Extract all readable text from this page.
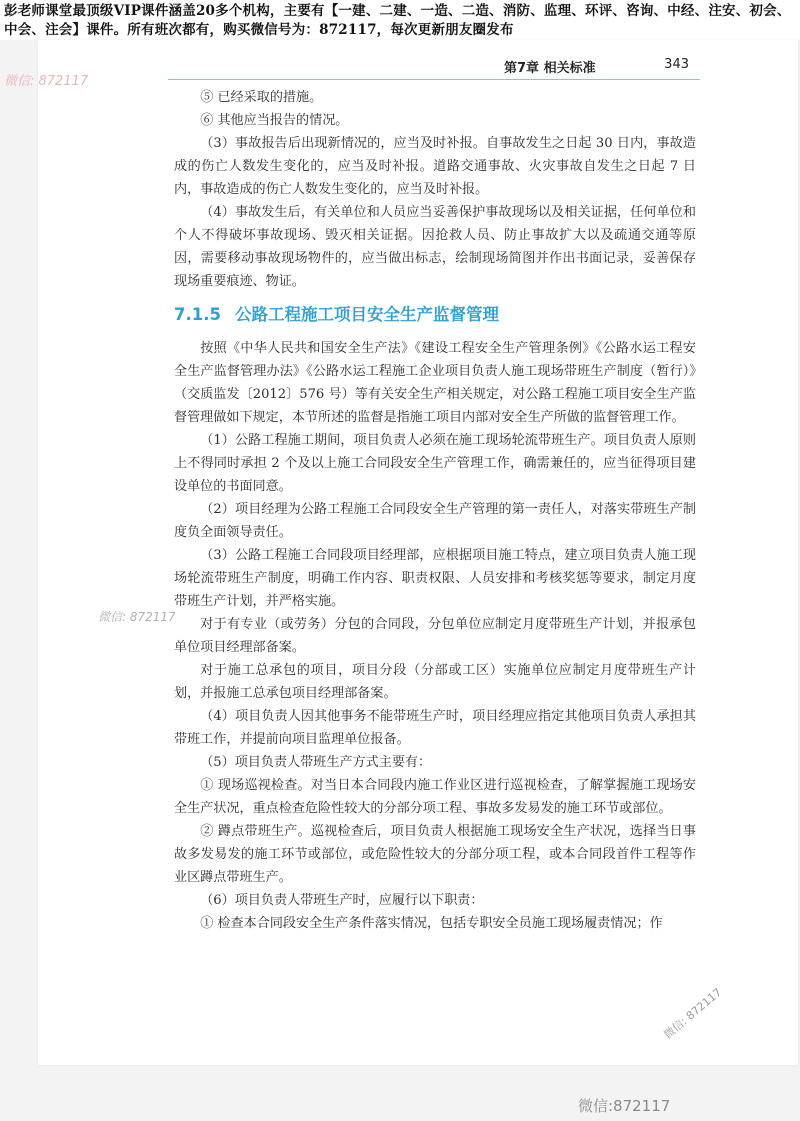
彭老师课堂最顶级VIP课件涵盖20多个机构，主要有【一建、二建、一造、二造、消防、监理、环评、咨询、中经、注安、初会、中会、注会】课件。所有班次都有，购买微信号为：872117，每次更新朋友圈发布

第7章 相关标准	343
微信: 872117
微信: 872117

⑤ 已经采取的措施。

⑥ 其他应当报告的情况。

（3）事故报告后出现新情况的，应当及时补报。自事故发生之日起 30 日内，事故造成的伤亡人数发生变化的，应当及时补报。道路交通事故、火灾事故自发生之日起 7 日内，事故造成的伤亡人数发生变化的，应当及时补报。

（4）事故发生后，有关单位和人员应当妥善保护事故现场以及相关证据，任何单位和个人不得破坏事故现场、毁灭相关证据。因抢救人员、防止事故扩大以及疏通交通等原因，需要移动事故现场物件的，应当做出标志，绘制现场简图并作出书面记录，妥善保存现场重要痕迹、物证。

7.1.5 公路工程施工项目安全生产监督管理

按照《中华人民共和国安全生产法》《建设工程安全生产管理条例》《公路水运工程安全生产监督管理办法》《公路水运工程施工企业项目负责人施工现场带班生产制度（暂行）》（交质监发〔2012〕576 号）等有关安全生产相关规定，对公路工程施工项目安全生产监督管理做如下规定，本节所述的监督是指施工项目内部对安全生产所做的监督管理工作。

（1）公路工程施工期间，项目负责人必须在施工现场轮流带班生产。项目负责人原则上不得同时承担 2 个及以上施工合同段安全生产管理工作，确需兼任的，应当征得项目建设单位的书面同意。

（2）项目经理为公路工程施工合同段安全生产管理的第一责任人，对落实带班生产制度负全面领导责任。

（3）公路工程施工合同段项目经理部，应根据项目施工特点，建立项目负责人施工现场轮流带班生产制度，明确工作内容、职责权限、人员安排和考核奖惩等要求，制定月度带班生产计划，并严格实施。

对于有专业（或劳务）分包的合同段，分包单位应制定月度带班生产计划，并报承包单位项目经理部备案。

对于施工总承包的项目，项目分段（分部或工区）实施单位应制定月度带班生产计划，并报施工总承包项目经理部备案。

（4）项目负责人因其他事务不能带班生产时，项目经理应指定其他项目负责人承担其带班工作，并提前向项目监理单位报备。

（5）项目负责人带班生产方式主要有：

① 现场巡视检查。对当日本合同段内施工作业区进行巡视检查，了解掌握施工现场安全生产状况，重点检查危险性较大的分部分项工程、事故多发易发的施工环节或部位。

② 蹲点带班生产。巡视检查后，项目负责人根据施工现场安全生产状况，选择当日事故多发易发的施工环节或部位，或危险性较大的分部分项工程，或本合同段首件工程等作业区蹲点带班生产。

（6）项目负责人带班生产时，应履行以下职责：

① 检查本合同段安全生产条件落实情况，包括专职安全员施工现场履责情况；作

微信: 872117
微信:872117
